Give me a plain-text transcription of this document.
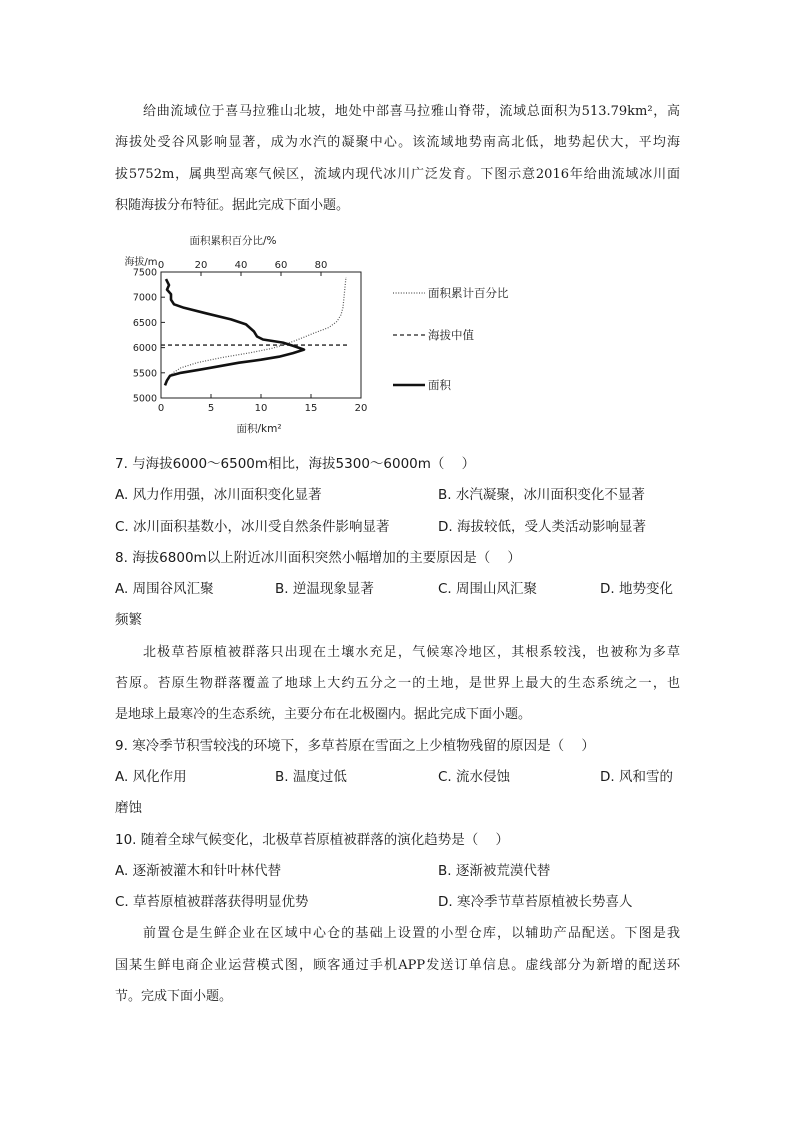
给曲流域位于喜马拉雅山北坡，地处中部喜马拉雅山脊带，流域总面积为513.79km²，高
海拔处受谷风影响显著，成为水汽的凝聚中心。该流域地势南高北低，地势起伏大，平均海
拔5752m，属典型高寒气候区，流域内现代冰川广泛发育。下图示意2016年给曲流域冰川面
积随海拔分布特征。据此完成下面小题。
面积累积百分比/%
海拔/m
面积/km²
5000
5500
6000
6500
7000
7500
0	5	10	15	20
0	20	40	60	80
面积累计百分比
海拔中值
面积
7. 与海拔6000～6500m相比，海拔5300～6000m（    ）

A. 风力作用强，冰川面积变化显著

	B. 水汽凝聚，冰川面积变化不显著

C. 冰川面积基数小，冰川受自然条件影响显著

	D. 海拔较低，受人类活动影响显著

8. 海拔6800m以上附近冰川面积突然小幅增加的主要原因是（    ）

A. 周围谷风汇聚

	B. 逆温现象显著

	C. 周围山风汇聚

	D. 地势变化

频繁
北极草苔原植被群落只出现在土壤水充足，气候寒冷地区，其根系较浅，也被称为多草
苔原。苔原生物群落覆盖了地球上大约五分之一的土地，是世界上最大的生态系统之一，也
是地球上最寒冷的生态系统，主要分布在北极圈内。据此完成下面小题。
9. 寒冷季节积雪较浅的环境下，多草苔原在雪面之上少植物残留的原因是（    ）

A. 风化作用

	B. 温度过低

	C. 流水侵蚀

	D. 风和雪的

磨蚀
10. 随着全球气候变化，北极草苔原植被群落的演化趋势是（    ）

A. 逐渐被灌木和针叶林代替

	B. 逐渐被荒漠代替

C. 草苔原植被群落获得明显优势

	D. 寒冷季节草苔原植被长势喜人

前置仓是生鲜企业在区域中心仓的基础上设置的小型仓库，以辅助产品配送。下图是我
国某生鲜电商企业运营模式图，顾客通过手机APP发送订单信息。虚线部分为新增的配送环
节。完成下面小题。
